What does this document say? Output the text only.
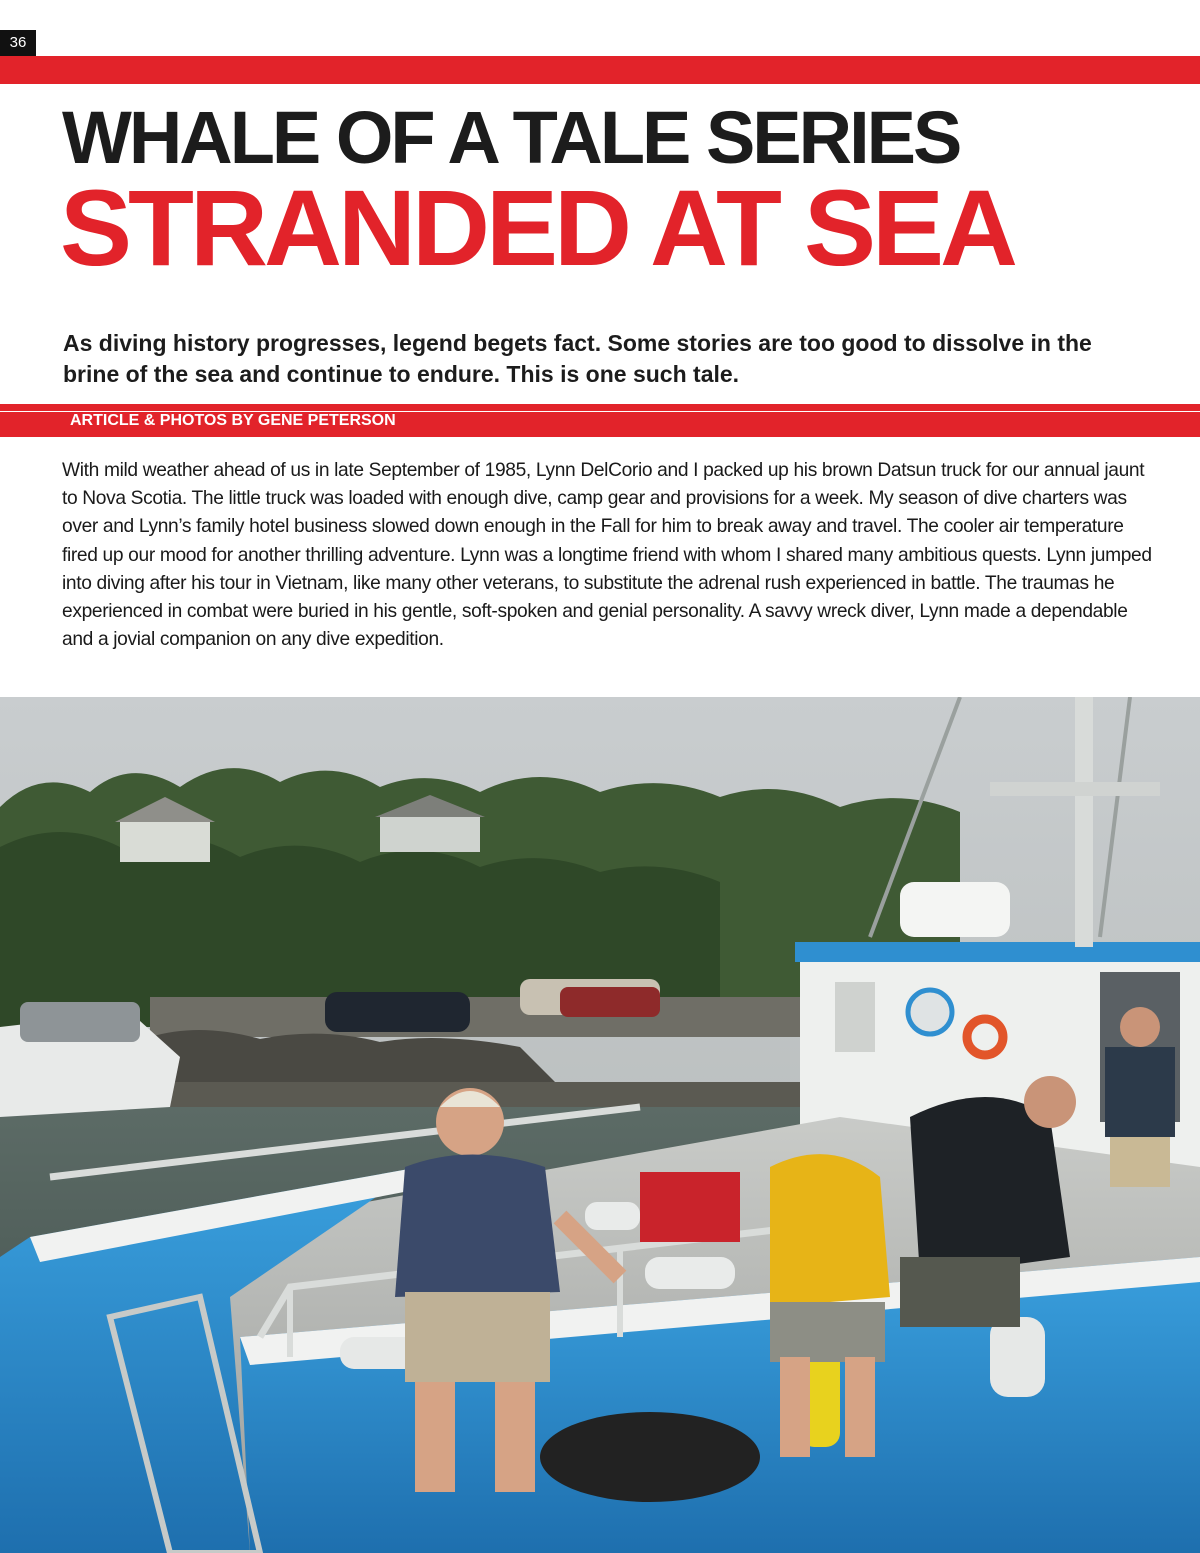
36
WHALE OF A TALE SERIES
STRANDED AT SEA

As diving history progresses, legend begets fact. Some stories are too good to dissolve in the brine of the sea and continue to endure. This is one such tale.

ARTICLE & PHOTOS BY GENE PETERSON

With mild weather ahead of us in late September of 1985, Lynn DelCorio and I packed up his brown Datsun truck for our annual jaunt to Nova Scotia. The little truck was loaded with enough dive, camp gear and provisions for a week. My season of dive charters was over and Lynn’s family hotel business slowed down enough in the Fall for him to break away and travel. The cooler air temperature fired up our mood for another thrilling adventure. Lynn was a longtime friend with whom I shared many ambitious quests. Lynn jumped into diving after his tour in Vietnam, like many other veterans, to substitute the adrenal rush experienced in battle. The traumas he experienced in combat were buried in his gentle, soft-spoken and genial personality. A savvy wreck diver, Lynn made a dependable and a jovial companion on any dive expedition.
